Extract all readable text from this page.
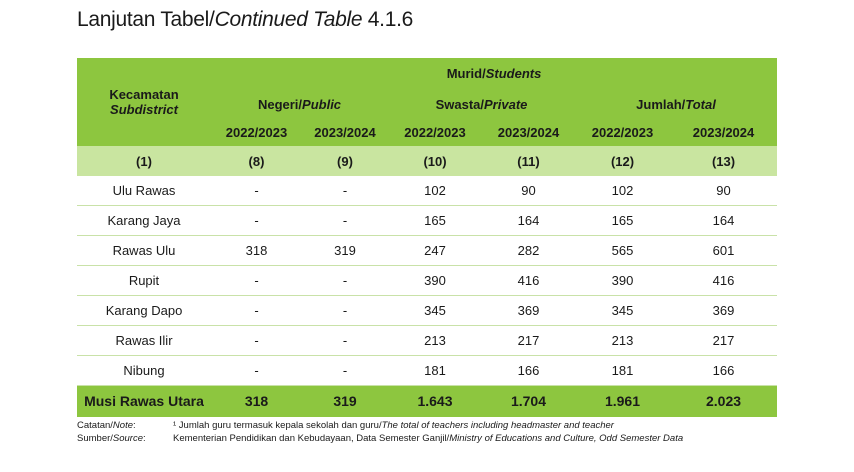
Lanjutan Tabel/Continued Table 4.1.6
Kecamatan
Subdistrict	Murid/Students					
	Negeri/Public		Swasta/Private		Jumlah/Total	
	2022/2023	2023/2024	2022/2023	2023/2024	2022/2023	2023/2024
(1)	(8)	(9)	(10)	(11)	(12)	(13)
Ulu Rawas	-	-	102	90	102	90
Karang Jaya	-	-	165	164	165	164
Rawas Ulu	318	319	247	282	565	601
Rupit	-	-	390	416	390	416
Karang Dapo	-	-	345	369	345	369
Rawas Ilir	-	-	213	217	213	217
Nibung	-	-	181	166	181	166
Musi Rawas Utara	318	319	1.643	1.704	1.961	2.023
Catatan/Note:	¹ Jumlah guru termasuk kepala sekolah dan guru/The total of teachers including headmaster and teacher
Sumber/Source:	Kementerian Pendidikan dan Kebudayaan, Data Semester Ganjil/Ministry of Educations and Culture, Odd Semester Data
